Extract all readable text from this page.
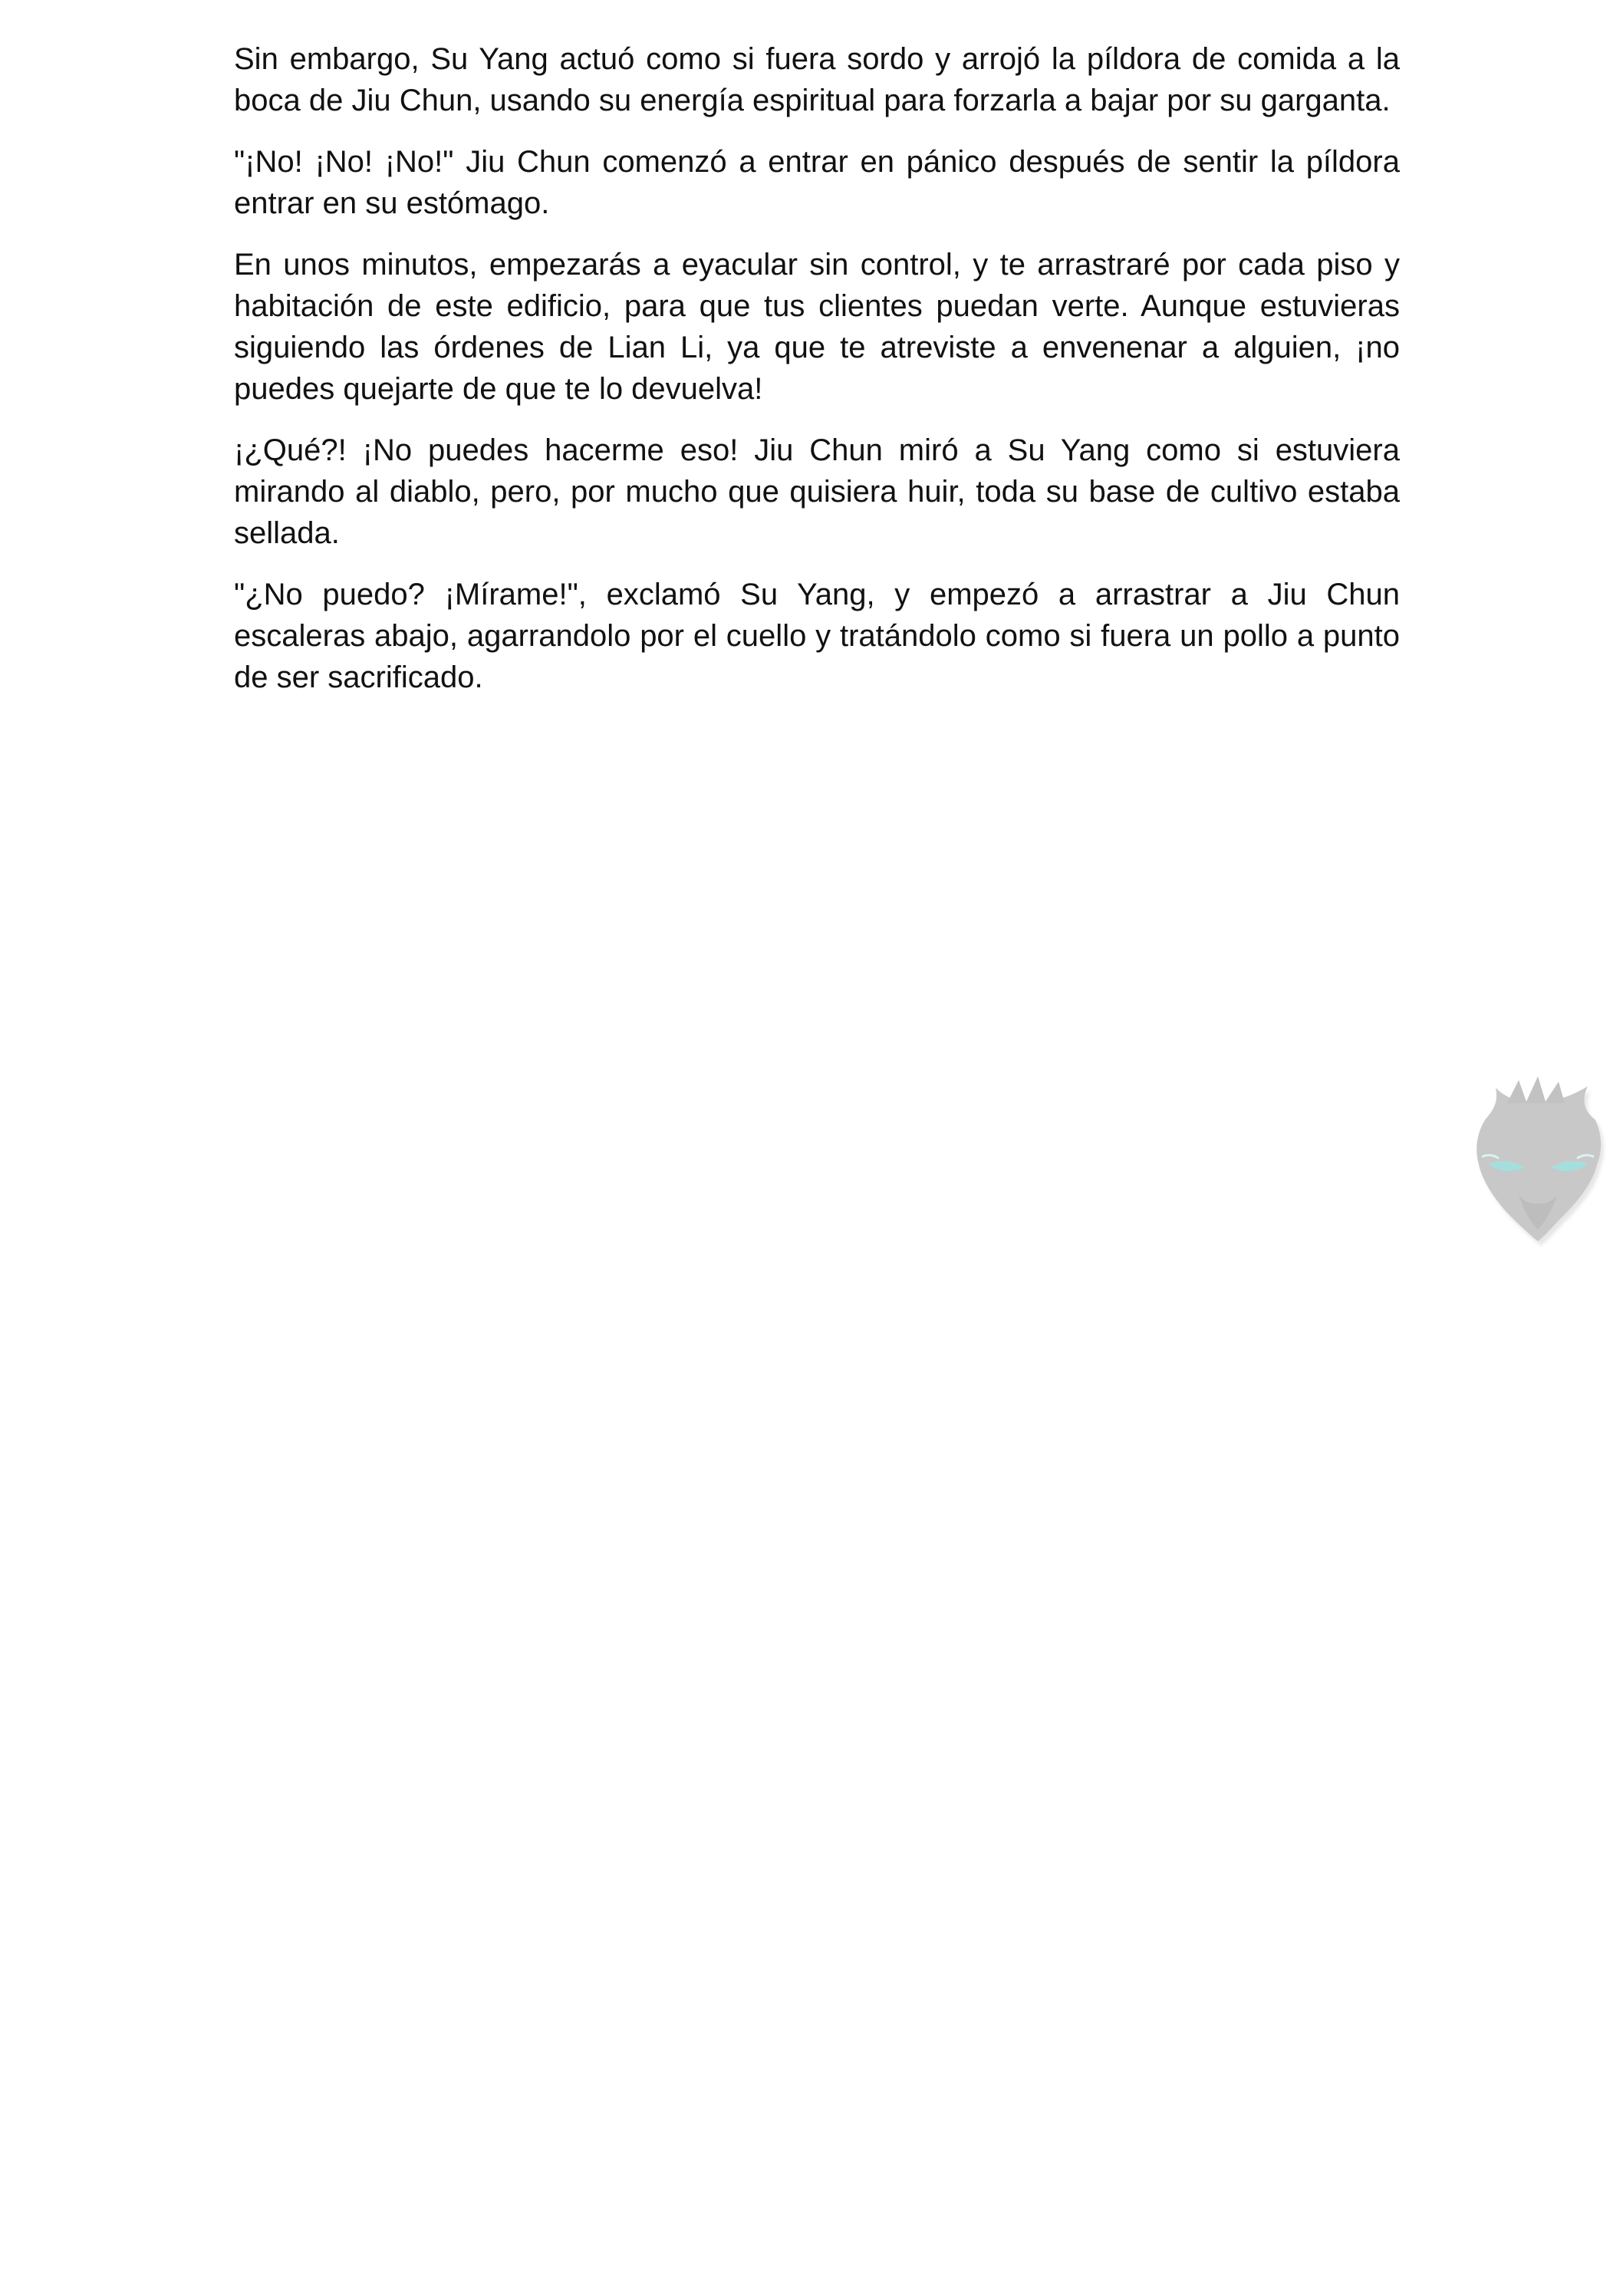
Sin embargo, Su Yang actuó como si fuera sordo y arrojó la píldora de comida a la boca de Jiu Chun, usando su energía espiritual para forzarla a bajar por su garganta.

"¡No! ¡No! ¡No!" Jiu Chun comenzó a entrar en pánico después de sentir la píldora entrar en su estómago.

En unos minutos, empezarás a eyacular sin control, y te arrastraré por cada piso y habitación de este edificio, para que tus clientes puedan verte. Aunque estuvieras siguiendo las órdenes de Lian Li, ya que te atreviste a envenenar a alguien, ¡no puedes quejarte de que te lo devuelva!

¡¿Qué?! ¡No puedes hacerme eso! Jiu Chun miró a Su Yang como si estuviera mirando al diablo, pero, por mucho que quisiera huir, toda su base de cultivo estaba sellada.

"¿No puedo? ¡Mírame!", exclamó Su Yang, y empezó a arrastrar a Jiu Chun escaleras abajo, agarrandolo por el cuello y tratándolo como si fuera un pollo a punto de ser sacrificado.
